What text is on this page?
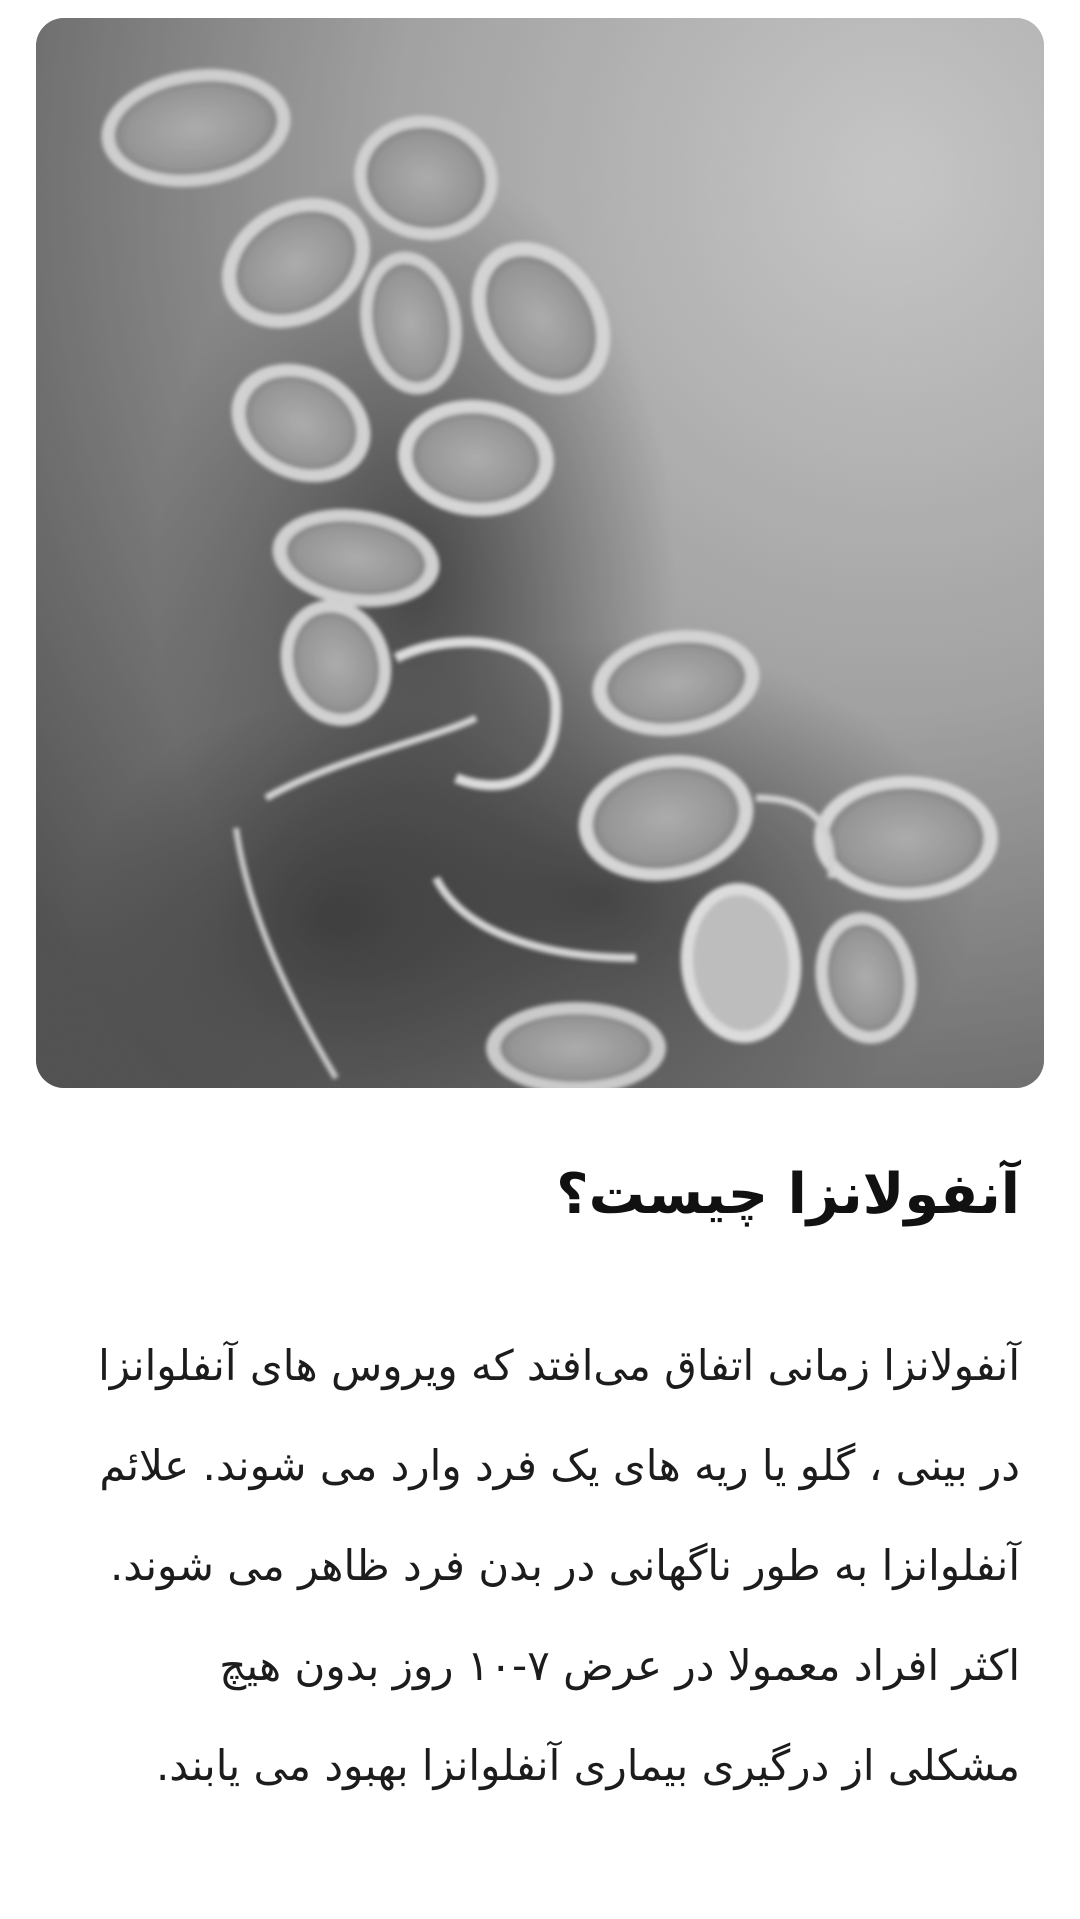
آنفولانزا چیست؟

آنفولانزا زمانی اتفاق می‌افتد که ویروس های آنفلوانزا در بینی ، گلو یا ریه های یک فرد وارد می شوند. علائم آنفلوانزا به طور ناگهانی در بدن فرد ظاهر می شوند. اکثر افراد معمولا در عرض ۷-۱۰ روز بدون هیچ مشکلی از درگیری بیماری آنفلوانزا بهبود می یابند.
